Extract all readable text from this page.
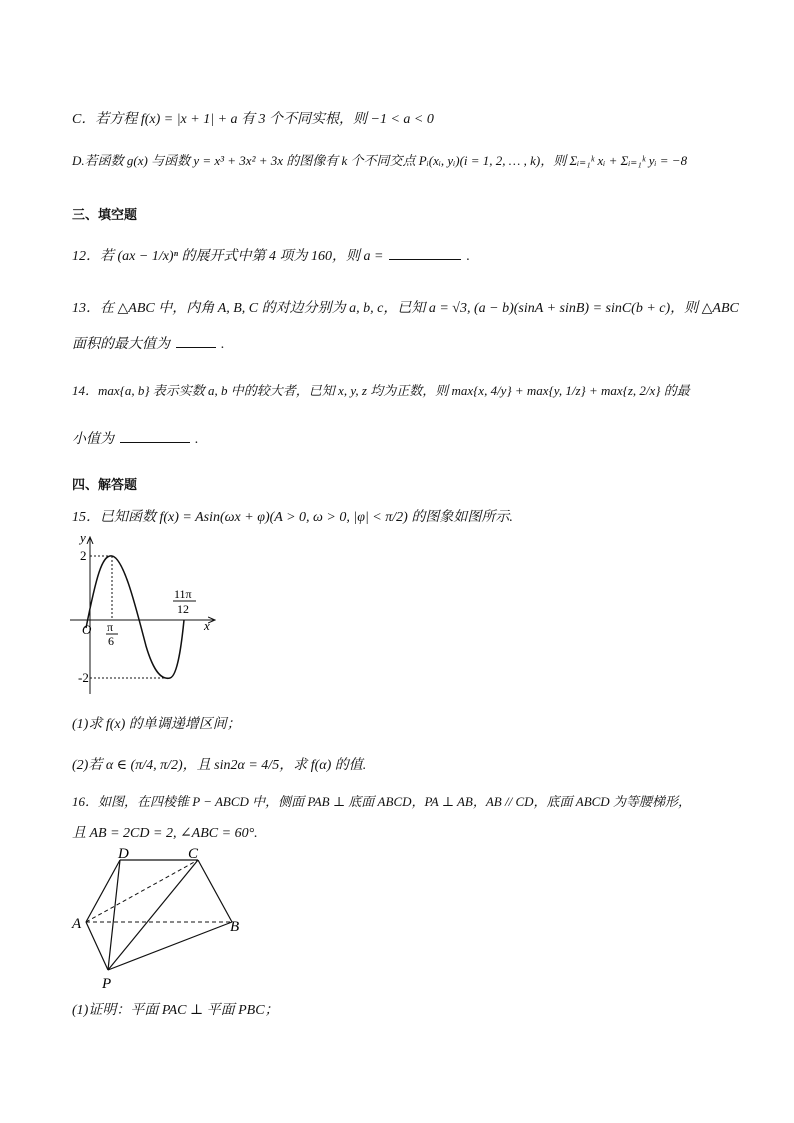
C．若方程 f(x) = |x + 1| + a 有 3 个不同实根，则 −1 < a < 0
D.若函数 g(x) 与函数 y = x³ + 3x² + 3x 的图像有 k 个不同交点 Pᵢ(xᵢ, yᵢ)(i = 1, 2, … , k)，则 Σᵢ₌₁ᵏ xᵢ + Σᵢ₌₁ᵏ yᵢ = −8
三、填空题
12．若 (ax − 1/x)ⁿ 的展开式中第 4 项为 160，则 a =	.
13．在 △ABC 中，内角 A, B, C 的对边分别为 a, b, c，已知 a = √3, (a − b)(sinA + sinB) = sinC(b + c)，则 △ABC
面积的最大值为	.
14．max{a, b} 表示实数 a, b 中的较大者，已知 x, y, z 均为正数，则 max{x, 4/y} + max{y, 1/z} + max{z, 2/x} 的最
小值为	.
四、解答题
15．已知函数 f(x) = Asin(ωx + φ)(A > 0, ω > 0, |φ| < π/2) 的图象如图所示.
y
x
O
2
-2
π
6
11π
12
(1)求 f(x) 的单调递增区间；
(2)若 α ∈ (π/4, π/2)，且 sin2α = 4/5，求 f(α) 的值.
16．如图，在四棱锥 P − ABCD 中，侧面 PAB ⊥ 底面 ABCD，PA ⊥ AB，AB // CD，底面 ABCD 为等腰梯形，
且 AB = 2CD = 2, ∠ABC = 60°.
D	C
A	B
P
(1)证明：平面 PAC ⊥ 平面 PBC；
